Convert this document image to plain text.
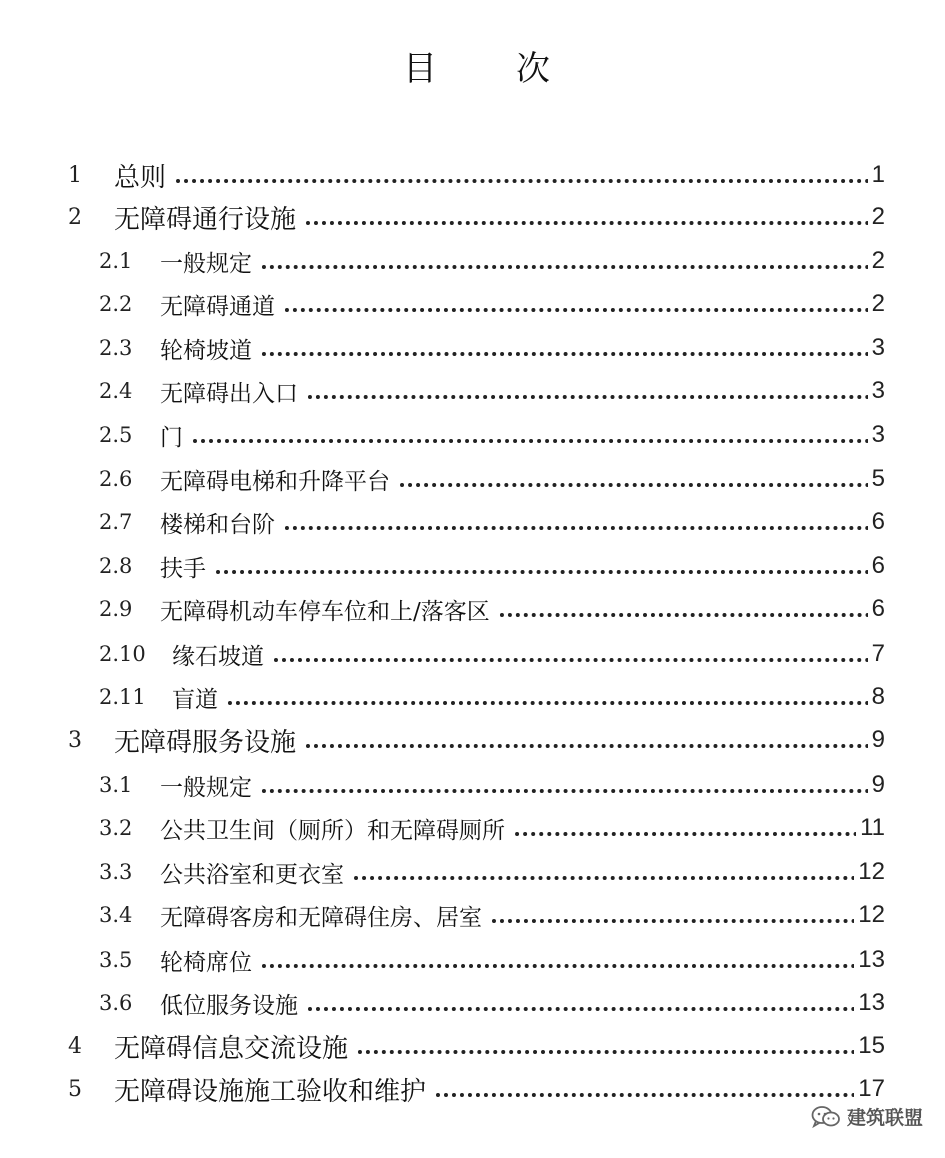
目 次
1 总则	1
2 无障碍通行设施	2
2.1 一般规定	2
2.2 无障碍通道	2
2.3 轮椅坡道	3
2.4 无障碍出入口	3
2.5 门	3
2.6 无障碍电梯和升降平台	5
2.7 楼梯和台阶	6
2.8 扶手	6
2.9 无障碍机动车停车位和上/落客区	6
2.10 缘石坡道	7
2.11 盲道	8
3 无障碍服务设施	9
3.1 一般规定	9
3.2 公共卫生间（厕所）和无障碍厕所	11
3.3 公共浴室和更衣室	12
3.4 无障碍客房和无障碍住房、居室	12
3.5 轮椅席位	13
3.6 低位服务设施	13
4 无障碍信息交流设施	15
5 无障碍设施施工验收和维护	17
建筑联盟
